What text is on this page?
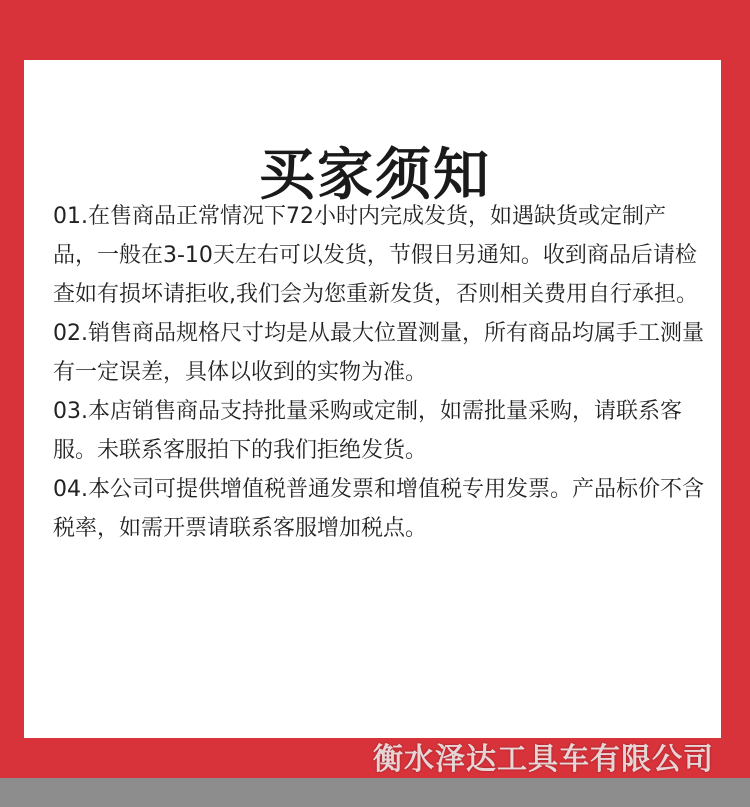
买家须知

01.在售商品正常情况下72小时内完成发货，如遇缺货或定制产品，一般在3-10天左右可以发货，节假日另通知。收到商品后请检查如有损坏请拒收,我们会为您重新发货，否则相关费用自行承担。

02.销售商品规格尺寸均是从最大位置测量，所有商品均属手工测量有一定误差，具体以收到的实物为准。

03.本店销售商品支持批量采购或定制，如需批量采购，请联系客服。未联系客服拍下的我们拒绝发货。

04.本公司可提供增值税普通发票和增值税专用发票。产品标价不含税率，如需开票请联系客服增加税点。

衡水泽达工具车有限公司
